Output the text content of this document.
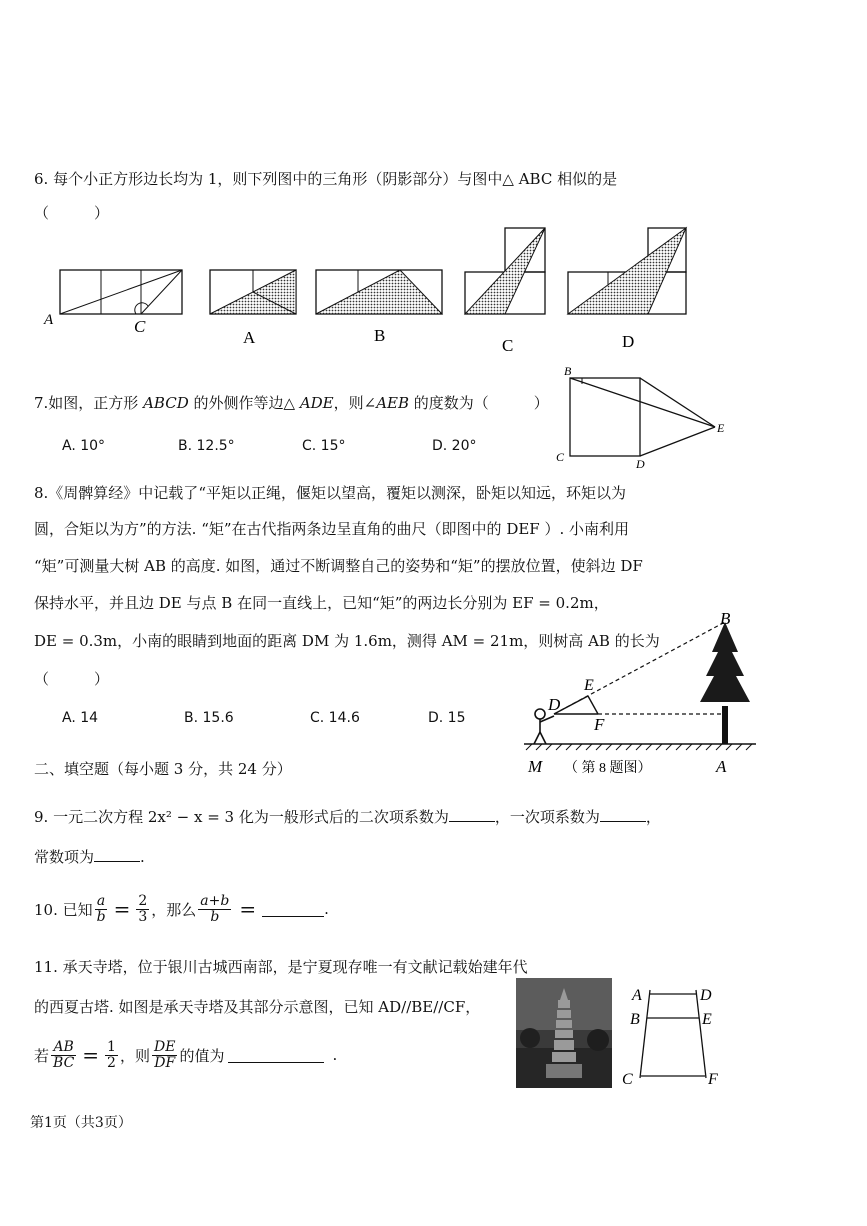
6. 每个小正方形边长均为 1，则下列图中的三角形（阴影部分）与图中△ ABC 相似的是
（　　　）
A	C
A	B
C	D
7.如图，正方形 ABCD 的外侧作等边△ ADE，则∠AEB 的度数为（　　　）
A. 10°	B. 12.5°	C. 15°	D. 20°
B
C	D
E
8.《周髀算经》中记载了“平矩以正绳，偃矩以望高，覆矩以测深，卧矩以知远，环矩以为
圆，合矩以为方”的方法. “矩”在古代指两条边呈直角的曲尺（即图中的 DEF ）. 小南利用
“矩”可测量大树 AB 的高度. 如图，通过不断调整自己的姿势和“矩”的摆放位置，使斜边 DF
保持水平，并且边 DE 与点 B 在同一直线上，已知“矩”的两边长分别为 EF = 0.2m，
DE = 0.3m，小南的眼睛到地面的距离 DM 为 1.6m，测得 AM = 21m，则树高 AB 的长为
（　　　）
A. 14	B. 15.6	C. 14.6	D. 15
B
D
E
F
M	A
（ 第 8 题图）
二、填空题（每小题 3 分，共 24 分）
9. 一元二次方程 2x² − x = 3 化为一般形式后的二次项系数为	，一次项系数为	，
常数项为	.
10. 已知 $\frac{a}{b} = \frac{2}{3}$ ，那么 $\frac{a+b}{b}$ =	.
11. 承天寺塔，位于银川古城西南部，是宁夏现存唯一有文献记载始建年代
的西夏古塔. 如图是承天寺塔及其部分示意图，已知 AD//BE//CF，
若 $\frac{AB}{BC} = \frac{1}{2}$ ，则 $\frac{DE}{DF}$ 的值为	.
A
B
C
D
E
F
第1页（共3页）
